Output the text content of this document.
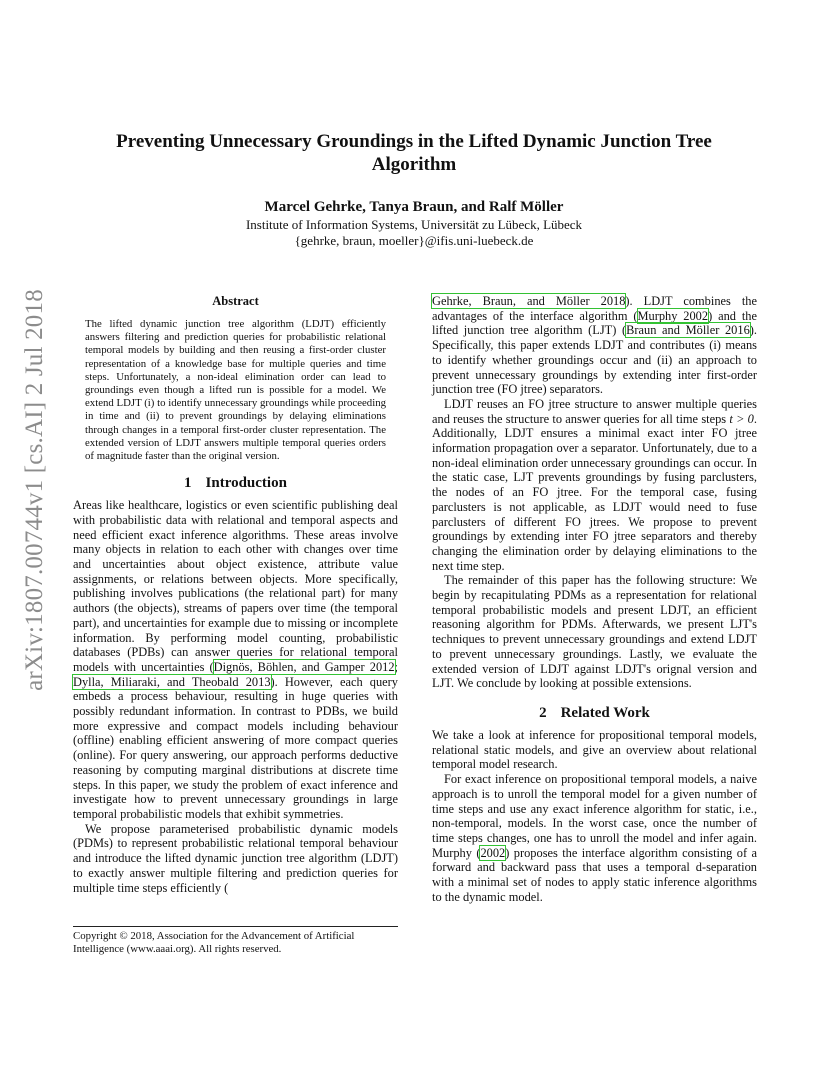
arXiv:1807.00744v1 [cs.AI] 2 Jul 2018
Preventing Unnecessary Groundings in the Lifted Dynamic Junction Tree Algorithm
Marcel Gehrke, Tanya Braun, and Ralf Möller
Institute of Information Systems, Universität zu Lübeck, Lübeck
{gehrke, braun, moeller}@ifis.uni-luebeck.de
Abstract

The lifted dynamic junction tree algorithm (LDJT) efficiently answers filtering and prediction queries for probabilistic relational temporal models by building and then reusing a first-order cluster representation of a knowledge base for multiple queries and time steps. Unfortunately, a non-ideal elimination order can lead to groundings even though a lifted run is possible for a model. We extend LDJT (i) to identify unnecessary groundings while proceeding in time and (ii) to prevent groundings by delaying eliminations through changes in a temporal first-order cluster representation. The extended version of LDJT answers multiple temporal queries orders of magnitude faster than the original version.

1 Introduction

Areas like healthcare, logistics or even scientific publishing deal with probabilistic data with relational and temporal aspects and need efficient exact inference algorithms. These areas involve many objects in relation to each other with changes over time and uncertainties about object existence, attribute value assignments, or relations between objects. More specifically, publishing involves publications (the relational part) for many authors (the objects), streams of papers over time (the temporal part), and uncertainties for example due to missing or incomplete information. By performing model counting, probabilistic databases (PDBs) can answer queries for relational temporal models with uncertainties (Dignös, Böhlen, and Gamper 2012; Dylla, Miliaraki, and Theobald 2013). However, each query embeds a process behaviour, resulting in huge queries with possibly redundant information. In contrast to PDBs, we build more expressive and compact models including behaviour (offline) enabling efficient answering of more compact queries (online). For query answering, our approach performs deductive reasoning by computing marginal distributions at discrete time steps. In this paper, we study the problem of exact inference and investigate how to prevent unnecessary groundings in large temporal probabilistic models that exhibit symmetries.

We propose parameterised probabilistic dynamic models (PDMs) to represent probabilistic relational temporal behaviour and introduce the lifted dynamic junction tree algorithm (LDJT) to exactly answer multiple filtering and prediction queries for multiple time steps efficiently (

Copyright © 2018, Association for the Advancement of Artificial Intelligence (www.aaai.org). All rights reserved.

Gehrke, Braun, and Möller 2018). LDJT combines the advantages of the interface algorithm (Murphy 2002) and the lifted junction tree algorithm (LJT) (Braun and Möller 2016). Specifically, this paper extends LDJT and contributes (i) means to identify whether groundings occur and (ii) an approach to prevent unnecessary groundings by extending inter first-order junction tree (FO jtree) separators.

LDJT reuses an FO jtree structure to answer multiple queries and reuses the structure to answer queries for all time steps t > 0. Additionally, LDJT ensures a minimal exact inter FO jtree information propagation over a separator. Unfortunately, due to a non-ideal elimination order unnecessary groundings can occur. In the static case, LJT prevents groundings by fusing parclusters, the nodes of an FO jtree. For the temporal case, fusing parclusters is not applicable, as LDJT would need to fuse parclusters of different FO jtrees. We propose to prevent groundings by extending inter FO jtree separators and thereby changing the elimination order by delaying eliminations to the next time step.

The remainder of this paper has the following structure: We begin by recapitulating PDMs as a representation for relational temporal probabilistic models and present LDJT, an efficient reasoning algorithm for PDMs. Afterwards, we present LJT's techniques to prevent unnecessary groundings and extend LDJT to prevent unnecessary groundings. Lastly, we evaluate the extended version of LDJT against LDJT's orignal version and LJT. We conclude by looking at possible extensions.

2 Related Work

We take a look at inference for propositional temporal models, relational static models, and give an overview about relational temporal model research.

For exact inference on propositional temporal models, a naive approach is to unroll the temporal model for a given number of time steps and use any exact inference algorithm for static, i.e., non-temporal, models. In the worst case, once the number of time steps changes, one has to unroll the model and infer again. Murphy (2002) proposes the interface algorithm consisting of a forward and backward pass that uses a temporal d-separation with a minimal set of nodes to apply static inference algorithms to the dynamic model.
